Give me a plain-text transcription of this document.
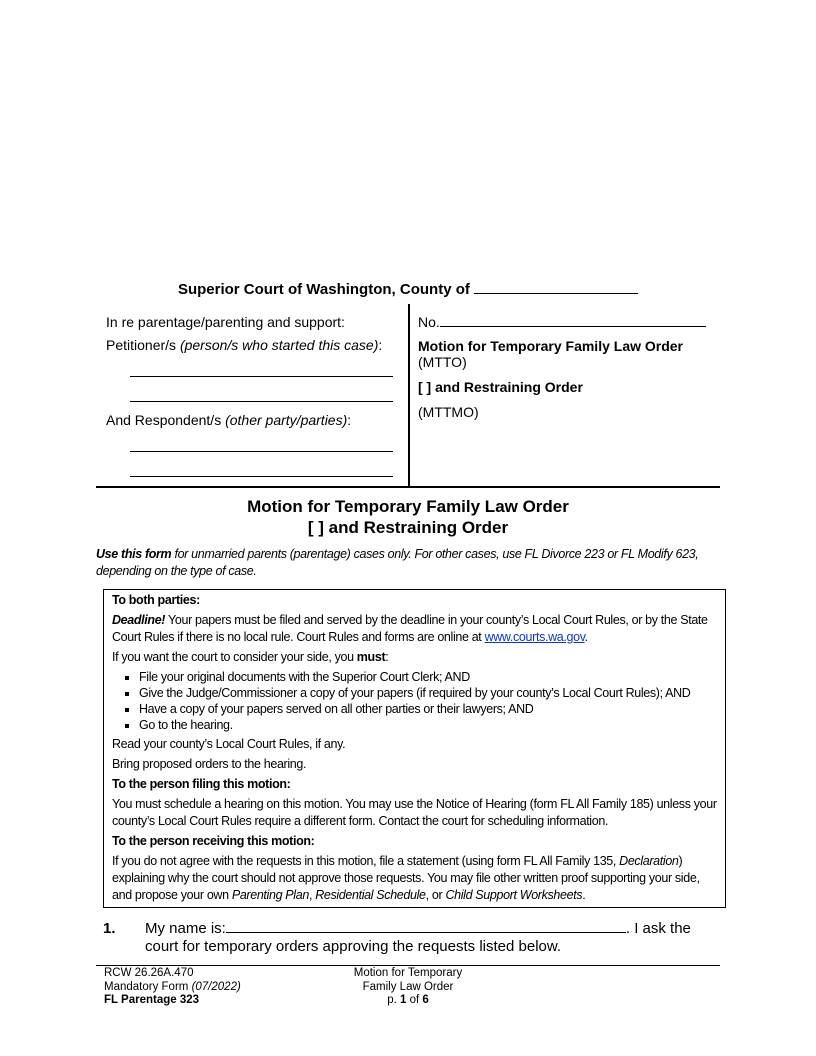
Superior Court of Washington, County of
In re parentage/parenting and support:
Petitioner/s (person/s who started this case):
And Respondent/s (other party/parties):
No.
Motion for Temporary Family Law Order
(MTTO)
[ ] and Restraining Order
(MTTMO)
Motion for Temporary Family Law Order
[ ] and Restraining Order
Use this form for unmarried parents (parentage) cases only. For other cases, use FL Divorce 223 or FL Modify 623, depending on the type of case.

To both parties:

Deadline! Your papers must be filed and served by the deadline in your county’s Local Court Rules, or by the State Court Rules if there is no local rule. Court Rules and forms are online at www.courts.wa.gov.

If you want the court to consider your side, you must:

▪ File your original documents with the Superior Court Clerk; AND
▪ Give the Judge/Commissioner a copy of your papers (if required by your county’s Local Court Rules); AND
▪ Have a copy of your papers served on all other parties or their lawyers; AND
▪ Go to the hearing.

Read your county’s Local Court Rules, if any.

Bring proposed orders to the hearing.

To the person filing this motion:

You must schedule a hearing on this motion. You may use the Notice of Hearing (form FL All Family 185) unless your county’s Local Court Rules require a different form. Contact the court for scheduling information.

To the person receiving this motion:

If you do not agree with the requests in this motion, file a statement (using form FL All Family 135, Declaration) explaining why the court should not approve those requests. You may file other written proof supporting your side, and propose your own Parenting Plan, Residential Schedule, or Child Support Worksheets.

1. My name is:	. I ask the
court for temporary orders approving the requests listed below.
RCW 26.26A.470
Mandatory Form (07/2022)
FL Parentage 323
Motion for Temporary
Family Law Order
p. 1 of 6
